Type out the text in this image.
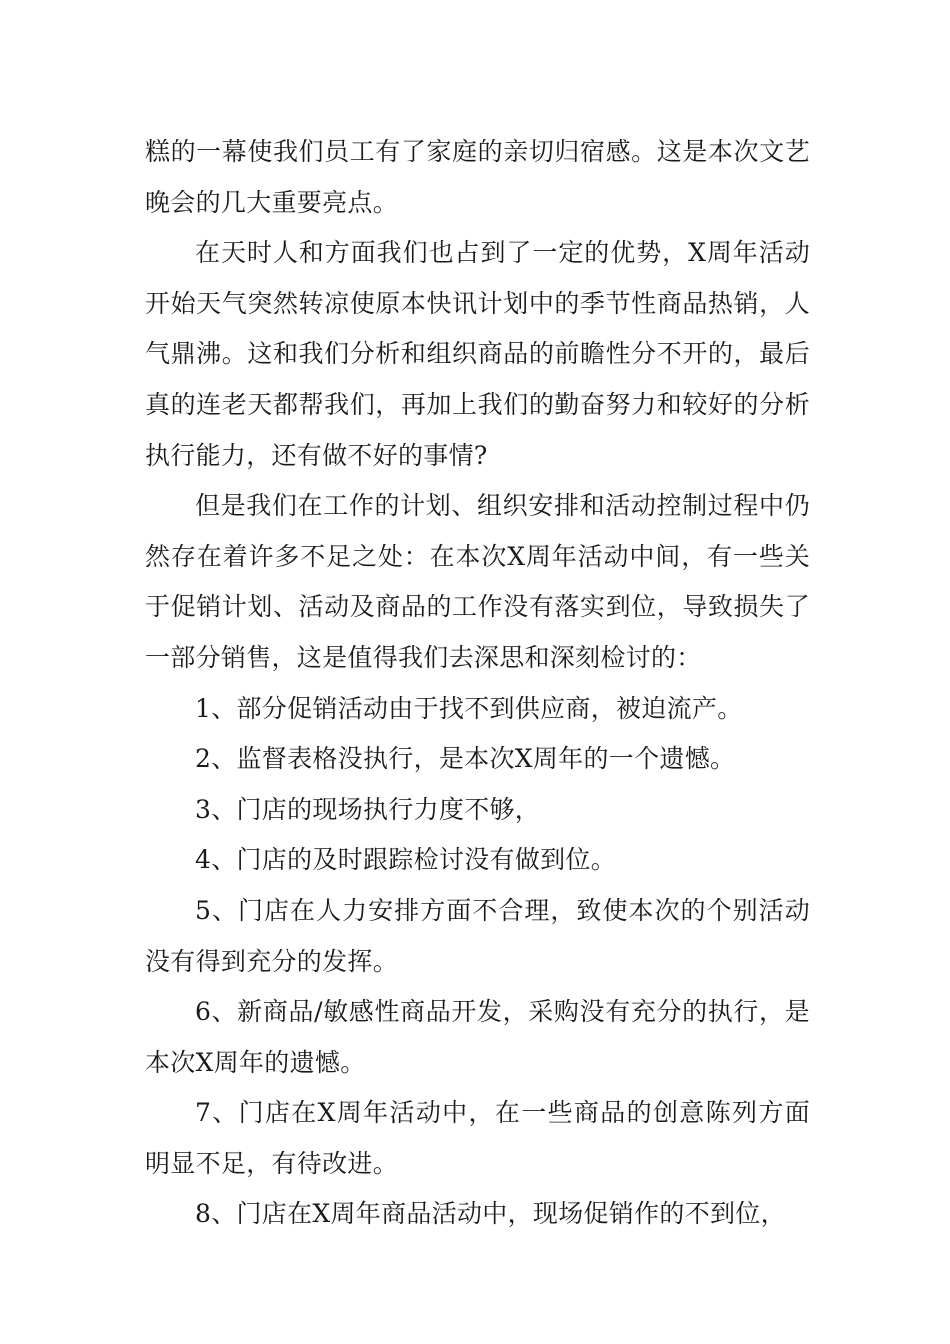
糕的一幕使我们员工有了家庭的亲切归宿感。这是本次文艺晚会的几大重要亮点。

在天时人和方面我们也占到了一定的优势，X周年活动开始天气突然转凉使原本快讯计划中的季节性商品热销，人气鼎沸。这和我们分析和组织商品的前瞻性分不开的，最后真的连老天都帮我们，再加上我们的勤奋努力和较好的分析执行能力，还有做不好的事情?

但是我们在工作的计划、组织安排和活动控制过程中仍然存在着许多不足之处：在本次X周年活动中间，有一些关于促销计划、活动及商品的工作没有落实到位，导致损失了一部分销售，这是值得我们去深思和深刻检讨的：

1、部分促销活动由于找不到供应商，被迫流产。

2、监督表格没执行，是本次X周年的一个遗憾。

3、门店的现场执行力度不够，

4、门店的及时跟踪检讨没有做到位。

5、门店在人力安排方面不合理，致使本次的个别活动没有得到充分的发挥。

6、新商品/敏感性商品开发，采购没有充分的执行，是本次X周年的遗憾。

7、门店在X周年活动中，在一些商品的创意陈列方面明显不足，有待改进。

8、门店在X周年商品活动中，现场促销作的不到位，
